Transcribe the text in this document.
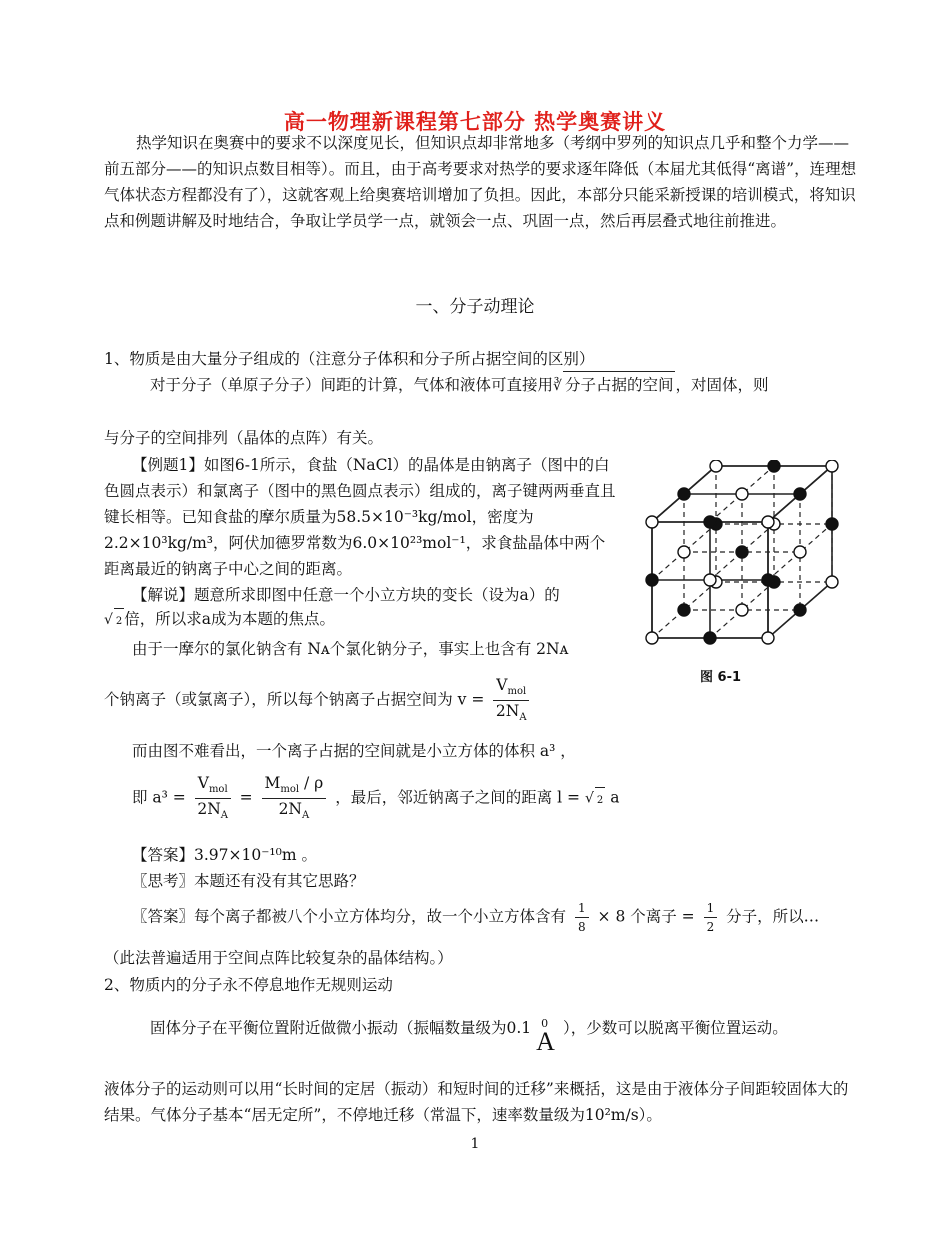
高一物理新课程第七部分 热学奥赛讲义
热学知识在奥赛中的要求不以深度见长，但知识点却非常地多（考纲中罗列的知识点几乎和整个力学——前五部分——的知识点数目相等）。而且，由于高考要求对热学的要求逐年降低（本届尤其低得“离谱”，连理想气体状态方程都没有了），这就客观上给奥赛培训增加了负担。因此，本部分只能采新授课的培训模式，将知识点和例题讲解及时地结合，争取让学员学一点，就领会一点、巩固一点，然后再层叠式地往前推进。
一、分子动理论
1、物质是由大量分子组成的（注意分子体积和分子所占据空间的区别）
对于分子（单原子分子）间距的计算，气体和液体可直接用∛ 分子占据的空间 ，对固体，则
与分子的空间排列（晶体的点阵）有关。
【例题1】如图6-1所示，食盐（NaCl）的晶体是由钠离子（图中的白色圆点表示）和氯离子（图中的黑色圆点表示）组成的，离子键两两垂直且键长相等。已知食盐的摩尔质量为58.5×10⁻³kg/mol，密度为2.2×10³kg/m³，阿伏加德罗常数为6.0×10²³mol⁻¹，求食盐晶体中两个距离最近的钠离子中心之间的距离。
【解说】题意所求即图中任意一个小立方块的变长（设为a）的
√ 2 倍，所以求a成为本题的焦点。
由于一摩尔的氯化钠含有 Nᴀ个氯化钠分子，事实上也含有 2Nᴀ
个钠离子（或氯离子），所以每个钠离子占据空间为 $v = \frac{V_{mol}}{2N_A}$
而由图不难看出，一个离子占据的空间就是小立方体的体积 a³ ，
即 $a^3 = \frac{V_{mol}}{2N_A} = \frac{M_{mol} / \rho}{2N_A}$ ，最后，邻近钠离子之间的距离 l = √ 2 a
【答案】3.97×10⁻¹⁰m 。
〖思考〗本题还有没有其它思路？
〖答案〗每个离子都被八个小立方体均分，故一个小立方体含有 $\frac{1}{8} \times 8$ 个离子 = $\frac{1}{2}$ 分子，所以…
（此法普遍适用于空间点阵比较复杂的晶体结构。）
2、物质内的分子永不停息地作无规则运动
固体分子在平衡位置附近做微小振动（振幅数量级为0.1 0
A ），少数可以脱离平衡位置运动。
液体分子的运动则可以用“长时间的定居（振动）和短时间的迁移”来概括，这是由于液体分子间距较固体大的结果。气体分子基本“居无定所”，不停地迁移（常温下，速率数量级为10²m/s）。
图 6-1
1
